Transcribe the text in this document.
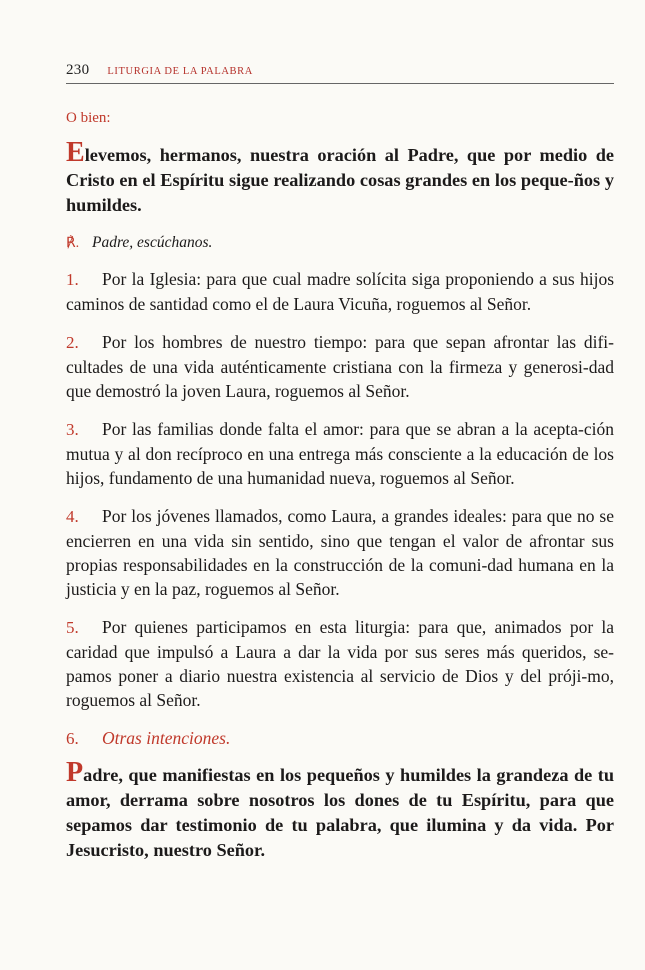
230 LITURGIA DE LA PALABRA

O bien:

Elevemos, hermanos, nuestra oración al Padre, que por medio de Cristo en el Espíritu sigue realizando cosas grandes en los peque-ños y humildes.

℟. Padre, escúchanos.

1. Por la Iglesia: para que cual madre solícita siga proponiendo a sus hijos caminos de santidad como el de Laura Vicuña, roguemos al Señor.

2. Por los hombres de nuestro tiempo: para que sepan afrontar las difi-cultades de una vida auténticamente cristiana con la firmeza y generosi-dad que demostró la joven Laura, roguemos al Señor.

3. Por las familias donde falta el amor: para que se abran a la acepta-ción mutua y al don recíproco en una entrega más consciente a la educación de los hijos, fundamento de una humanidad nueva, roguemos al Señor.

4. Por los jóvenes llamados, como Laura, a grandes ideales: para que no se encierren en una vida sin sentido, sino que tengan el valor de afrontar sus propias responsabilidades en la construcción de la comuni-dad humana en la justicia y en la paz, roguemos al Señor.

5. Por quienes participamos en esta liturgia: para que, animados por la caridad que impulsó a Laura a dar la vida por sus seres más queridos, se-pamos poner a diario nuestra existencia al servicio de Dios y del próji-mo, roguemos al Señor.

6. Otras intenciones.

Padre, que manifiestas en los pequeños y humildes la grandeza de tu amor, derrama sobre nosotros los dones de tu Espíritu, para que sepamos dar testimonio de tu palabra, que ilumina y da vida. Por Jesucristo, nuestro Señor.
